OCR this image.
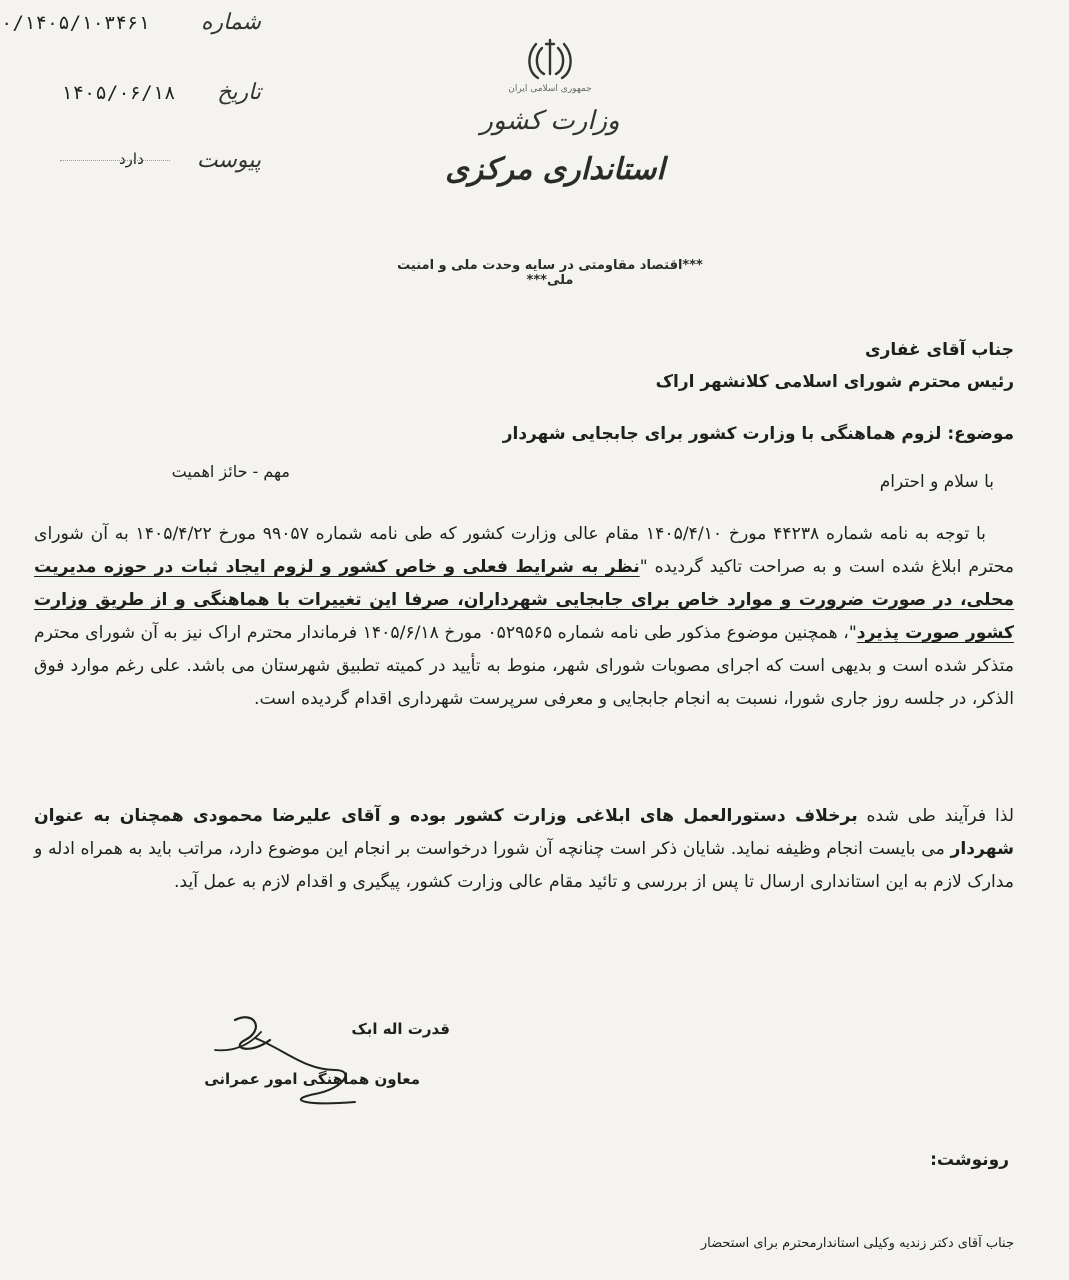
شماره
۰/۱۴۰۵/۱۰۳۴۶۱
تاریخ
۱۴۰۵/۰۶/۱۸
پیوست
دارد
جمهوری اسلامی ایران
وزارت کشور
استانداری مرکزی
***اقتصاد مقاومتی در سایه وحدت ملی و امنیت ملی***
جناب آقای غفاری
رئیس محترم شورای اسلامی کلانشهر اراک
موضوع: لزوم هماهنگی با وزارت کشور برای جابجایی شهردار
مهم - حائز اهمیت
با سلام و احترام
با توجه به نامه شماره ۴۴۲۳۸ مورخ ۱۴۰۵/۴/۱۰ مقام عالی وزارت کشور که طی نامه شماره ۹۹۰۵۷ مورخ ۱۴۰۵/۴/۲۲ به آن شورای محترم ابلاغ شده است و به صراحت تاکید گردیده "نظر به شرایط فعلی و خاص کشور و لزوم ایجاد ثبات در حوزه مدیریت محلی، در صورت ضرورت و موارد خاص برای جابجایی شهرداران، صرفا این تغییرات با هماهنگی و از طریق وزارت کشور صورت پذیرد"، همچنین موضوع مذکور طی نامه شماره ۰۵۲۹۵۶۵ مورخ ۱۴۰۵/۶/۱۸ فرماندار محترم اراک نیز به آن شورای محترم متذکر شده است و بدیهی است که اجرای مصوبات شورای شهر، منوط به تأیید در کمیته تطبیق شهرستان می باشد. علی رغم موارد فوق الذکر، در جلسه روز جاری شورا، نسبت به انجام جابجایی و معرفی سرپرست شهرداری اقدام گردیده است.
لذا فرآیند طی شده برخلاف دستورالعمل های ابلاغی وزارت کشور بوده و آقای علیرضا محمودی همچنان به عنوان شهردار می بایست انجام وظیفه نماید. شایان ذکر است چنانچه آن شورا درخواست بر انجام این موضوع دارد، مراتب باید به همراه ادله و مدارک لازم به این استانداری ارسال تا پس از بررسی و تائید مقام عالی وزارت کشور، پیگیری و اقدام لازم به عمل آید.
قدرت اله ابک
معاون هماهنگی امور عمرانی
رونوشت:
جناب آقای دکتر زندیه وکیلی استاندارمحترم برای استحضار
